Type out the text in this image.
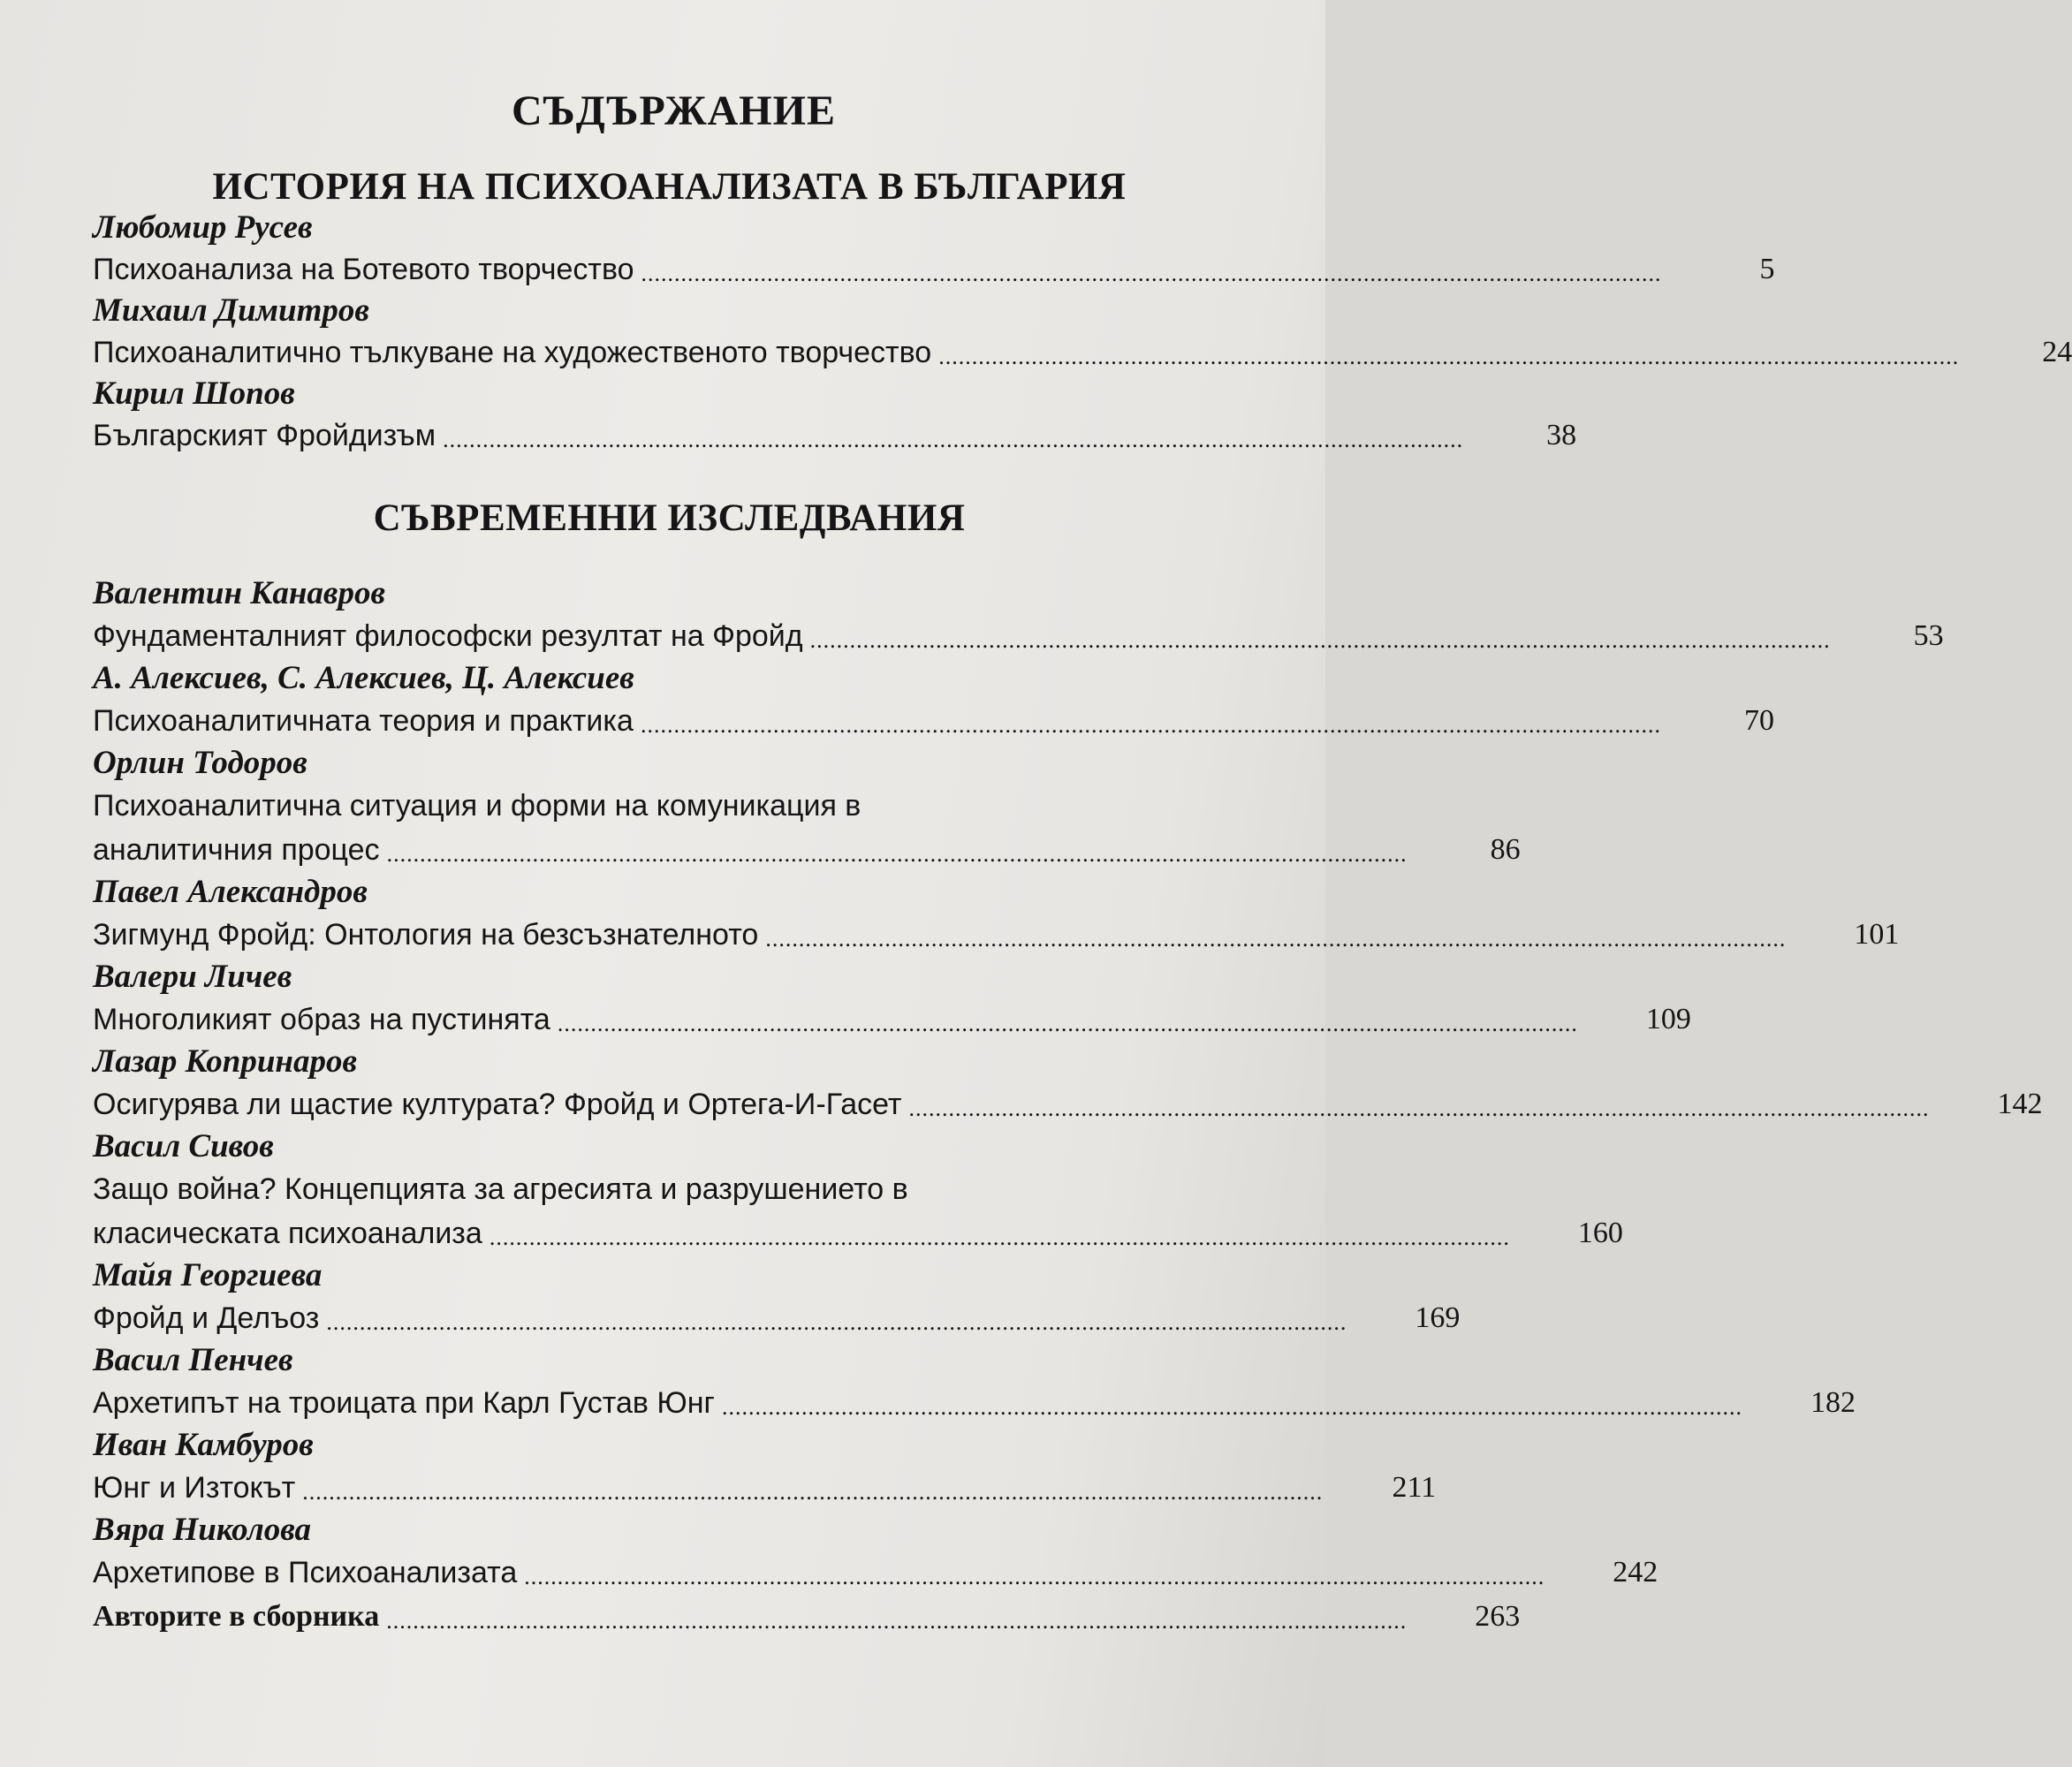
СЪДЪРЖАНИЕ
ИСТОРИЯ НА ПСИХОАНАЛИЗАТА В БЪЛГАРИЯ
Любомир Русев
Психоанализа на Ботевото творчество ..........................................................................................................................................................	5
Михаил Димитров
Психоаналитично тълкуване на художественото творчество ..........................................................................................................................................................	24
Кирил Шопов
Българският Фройдизъм ..........................................................................................................................................................	38
СЪВРЕМЕННИ ИЗСЛЕДВАНИЯ
Валентин Канавров
Фундаменталният философски резултат на Фройд ..........................................................................................................................................................	53
А. Алексиев, С. Алексиев, Ц. Алексиев
Психоаналитичната теория и практика ..........................................................................................................................................................	70
Орлин Тодоров
Психоаналитична ситуация и форми на комуникация в
аналитичния процес ..........................................................................................................................................................	86
Павел Александров
Зигмунд Фройд: Онтология на безсъзнателното ..........................................................................................................................................................	101
Валери Личев
Многоликият образ на пустинята ..........................................................................................................................................................	109
Лазар Копринаров
Осигурява ли щастие културата? Фройд и Ортега-И-Гасет ..........................................................................................................................................................	142
Васил Сивов
Защо война? Концепцията за агресията и разрушението в
класическата психоанализа ..........................................................................................................................................................	160
Майя Георгиева
Фройд и Делъоз ..........................................................................................................................................................	169
Васил Пенчев
Архетипът на троицата при Карл Густав Юнг ..........................................................................................................................................................	182
Иван Камбуров
Юнг и Изтокът ..........................................................................................................................................................	211
Вяра Николова
Архетипове в Психоанализата ..........................................................................................................................................................	242
Авторите в сборника ..........................................................................................................................................................	263
